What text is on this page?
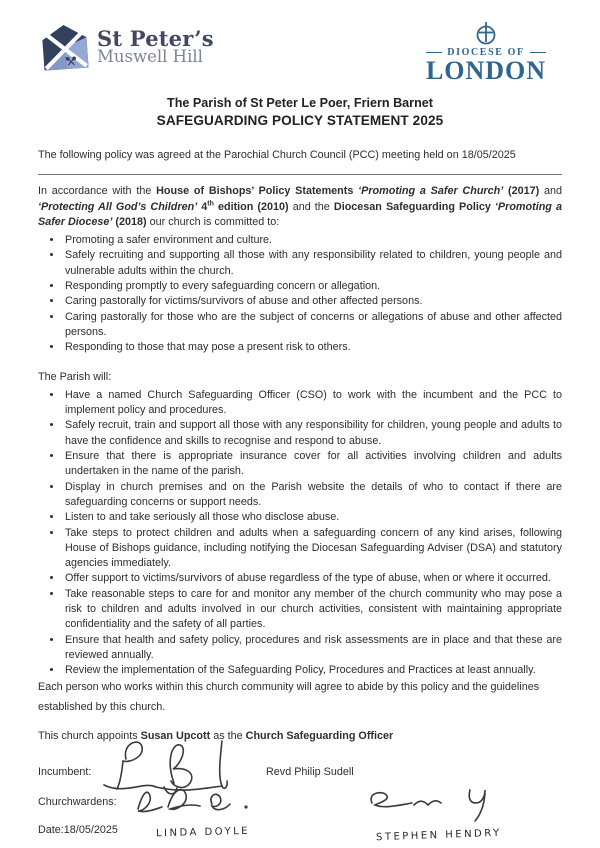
St Peter’s
Muswell Hill	DIOCESE OF
LONDON
The Parish of St Peter Le Poer, Friern Barnet
SAFEGUARDING POLICY STATEMENT 2025

The following policy was agreed at the Parochial Church Council (PCC) meeting held on 18/05/2025

In accordance with the House of Bishops’ Policy Statements ‘Promoting a Safer Church’ (2017) and ‘Protecting All God’s Children’ 4th edition (2010) and the Diocesan Safeguarding Policy ‘Promoting a Safer Diocese’ (2018) our church is committed to:

• Promoting a safer environment and culture.
• Safely recruiting and supporting all those with any responsibility related to children, young people and vulnerable adults within the church.
• Responding promptly to every safeguarding concern or allegation.
• Caring pastorally for victims/survivors of abuse and other affected persons.
• Caring pastorally for those who are the subject of concerns or allegations of abuse and other affected persons.
• Responding to those that may pose a present risk to others.

The Parish will:

• Have a named Church Safeguarding Officer (CSO) to work with the incumbent and the PCC to implement policy and procedures.
• Safely recruit, train and support all those with any responsibility for children, young people and adults to have the confidence and skills to recognise and respond to abuse.
• Ensure that there is appropriate insurance cover for all activities involving children and adults undertaken in the name of the parish.
• Display in church premises and on the Parish website the details of who to contact if there are safeguarding concerns or support needs.
• Listen to and take seriously all those who disclose abuse.
• Take steps to protect children and adults when a safeguarding concern of any kind arises, following House of Bishops guidance, including notifying the Diocesan Safeguarding Adviser (DSA) and statutory agencies immediately.
• Offer support to victims/survivors of abuse regardless of the type of abuse, when or where it occurred.
• Take reasonable steps to care for and monitor any member of the church community who may pose a risk to children and adults involved in our church activities, consistent with maintaining appropriate confidentiality and the safety of all parties.
• Ensure that health and safety policy, procedures and risk assessments are in place and that these are reviewed annually.
• Review the implementation of the Safeguarding Policy, Procedures and Practices at least annually.

Each person who works within this church community will agree to abide by this policy and the guidelines
established by this church.

This church appoints Susan Upcott as the Church Safeguarding Officer

Incumbent:	Revd Philip Sudell
Churchwardens:
LINDA DOYLE	STEPHEN HENDRY
Date:18/05/2025
